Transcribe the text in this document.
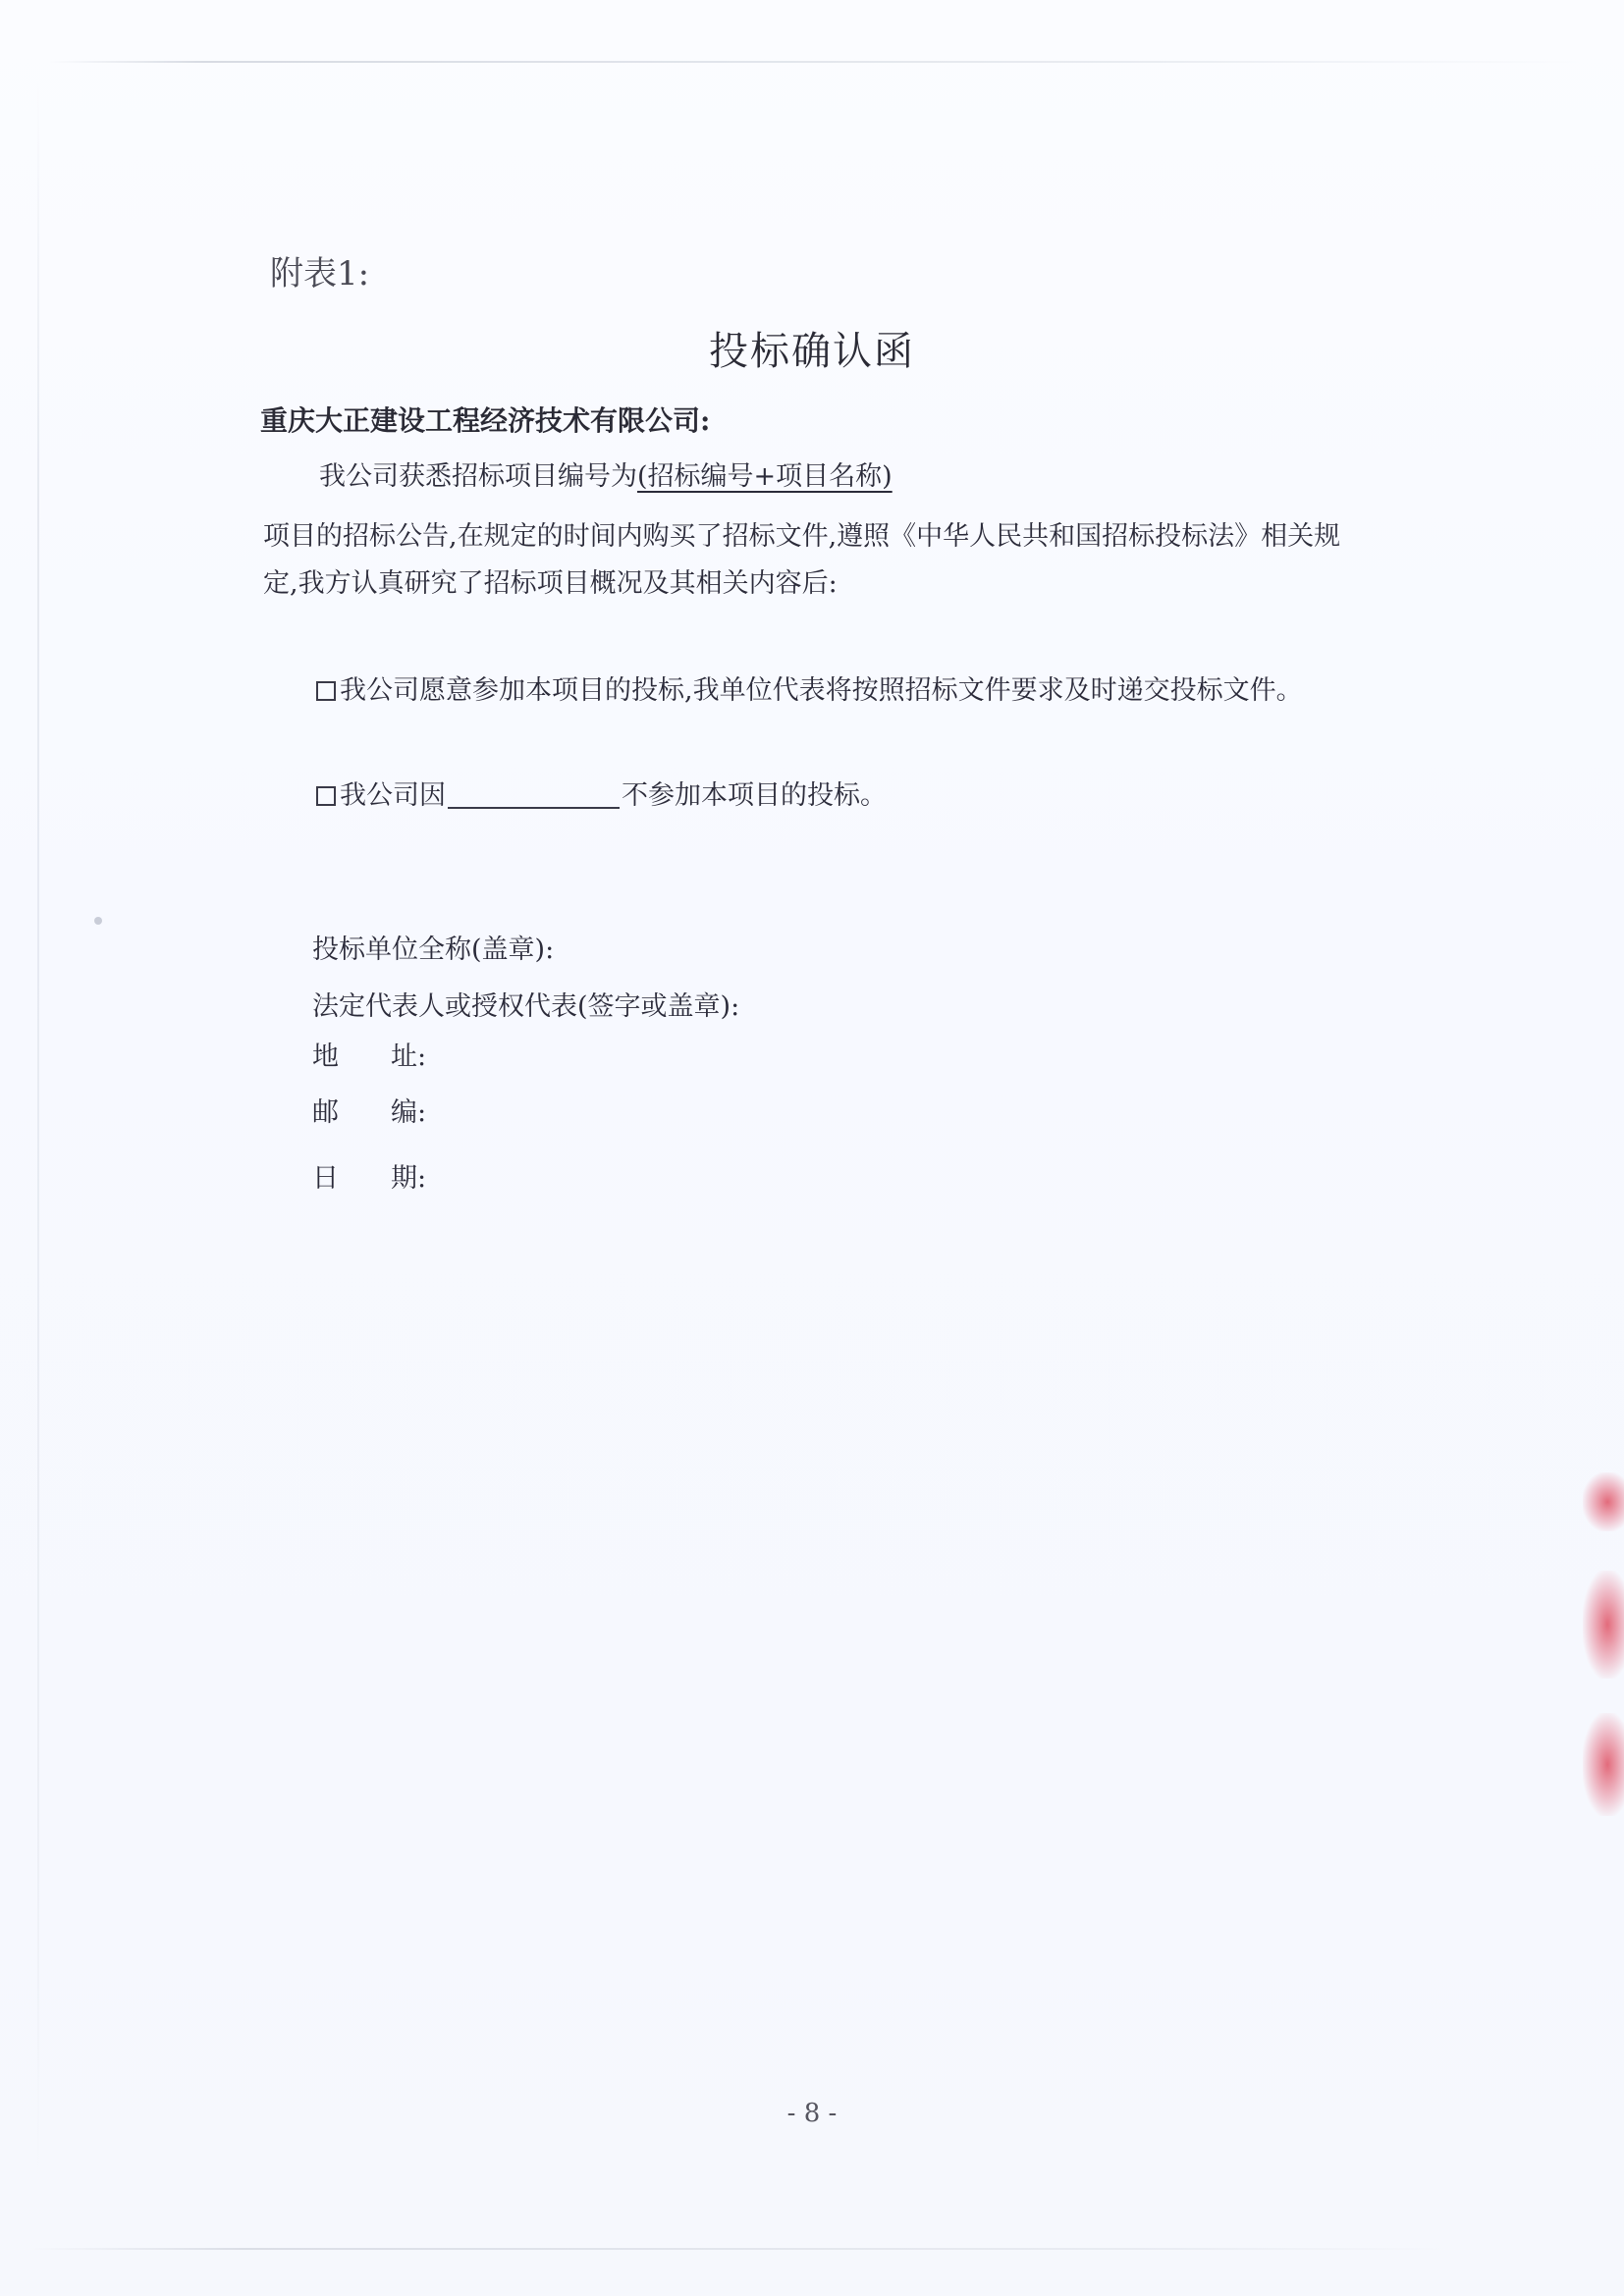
附表1:
投标确认函
重庆大正建设工程经济技术有限公司:
我公司获悉招标项目编号为(招标编号+项目名称)
项目的招标公告,在规定的时间内购买了招标文件,遵照《中华人民共和国招标投标法》相关规
定,我方认真研究了招标项目概况及其相关内容后:
我公司愿意参加本项目的投标,我单位代表将按照招标文件要求及时递交投标文件。
我公司因	不参加本项目的投标。
投标单位全称(盖章):
法定代表人或授权代表(签字或盖章):
地 址:
邮 编:
日 期:
- 8 -
